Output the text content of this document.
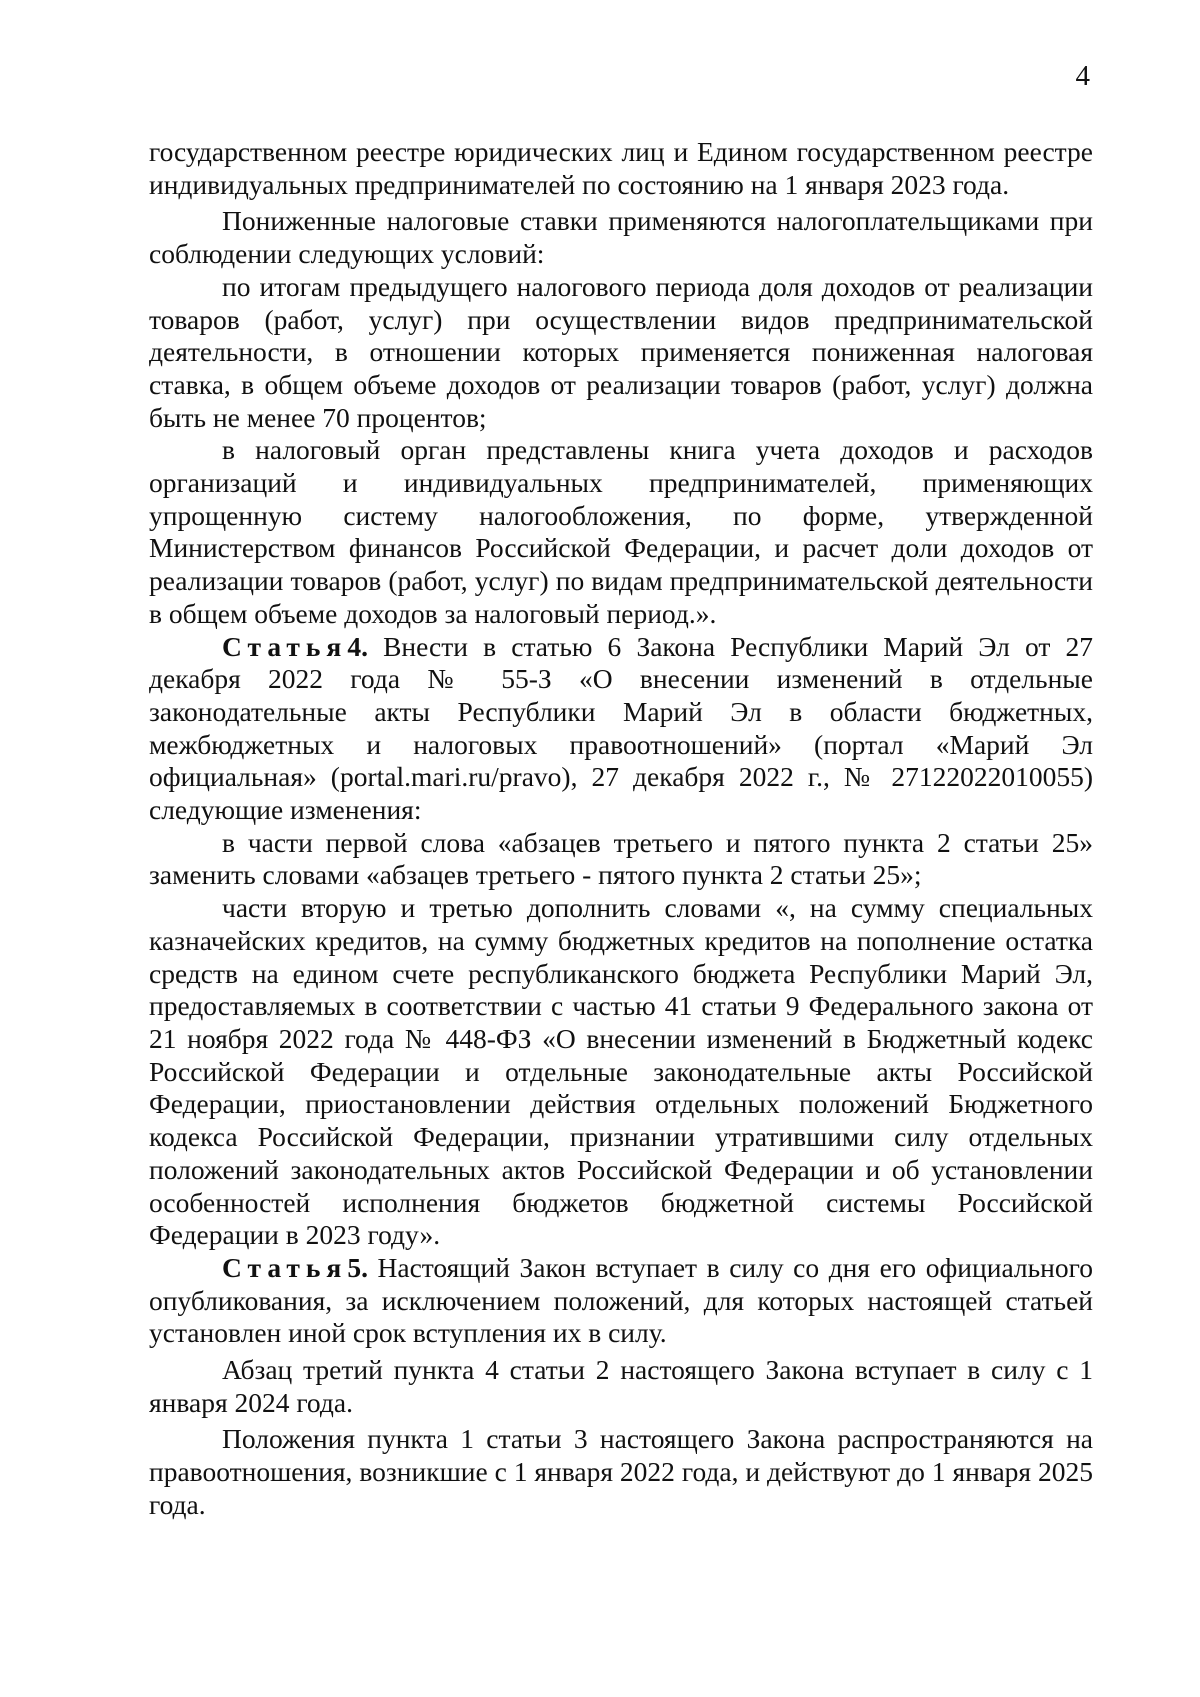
4

государственном реестре юридических лиц и Едином государственном реестре индивидуальных предпринимателей по состоянию на 1 января 2023 года.

Пониженные налоговые ставки применяются налогоплательщиками при соблюдении следующих условий:

по итогам предыдущего налогового периода доля доходов от реализации товаров (работ, услуг) при осуществлении видов предпринимательской деятельности, в отношении которых применяется пониженная налоговая ставка, в общем объеме доходов от реализации товаров (работ, услуг) должна быть не менее 70 процентов;

в налоговый орган представлены книга учета доходов и расходов организаций и индивидуальных предпринимателей, применяющих упрощенную систему налогообложения, по форме, утвержденной Министерством финансов Российской Федерации, и расчет доли доходов от реализации товаров (работ, услуг) по видам предпринимательской деятельности в общем объеме доходов за налоговый период.».

Статья4. Внести в статью 6 Закона Республики Марий Эл от 27 декабря 2022 года № 55-З «О внесении изменений в отдельные законодательные акты Республики Марий Эл в области бюджетных, межбюджетных и налоговых правоотношений» (портал «Марий Эл официальная» (portal.mari.ru/pravo), 27 декабря 2022 г., № 27122022010055) следующие изменения:

в части первой слова «абзацев третьего и пятого пункта 2 статьи 25» заменить словами «абзацев третьего - пятого пункта 2 статьи 25»;

части вторую и третью дополнить словами «, на сумму специальных казначейских кредитов, на сумму бюджетных кредитов на пополнение остатка средств на едином счете республиканского бюджета Республики Марий Эл, предоставляемых в соответствии с частью 41 статьи 9 Федерального закона от 21 ноября 2022 года № 448-ФЗ «О внесении изменений в Бюджетный кодекс Российской Федерации и отдельные законодательные акты Российской Федерации, приостановлении действия отдельных положений Бюджетного кодекса Российской Федерации, признании утратившими силу отдельных положений законодательных актов Российской Федерации и об установлении особенностей исполнения бюджетов бюджетной системы Российской Федерации в 2023 году».

Статья5. Настоящий Закон вступает в силу со дня его официального опубликования, за исключением положений, для которых настоящей статьей установлен иной срок вступления их в силу.

Абзац третий пункта 4 статьи 2 настоящего Закона вступает в силу с 1 января 2024 года.

Положения пункта 1 статьи 3 настоящего Закона распространяются на правоотношения, возникшие с 1 января 2022 года, и действуют до 1 января 2025 года.
